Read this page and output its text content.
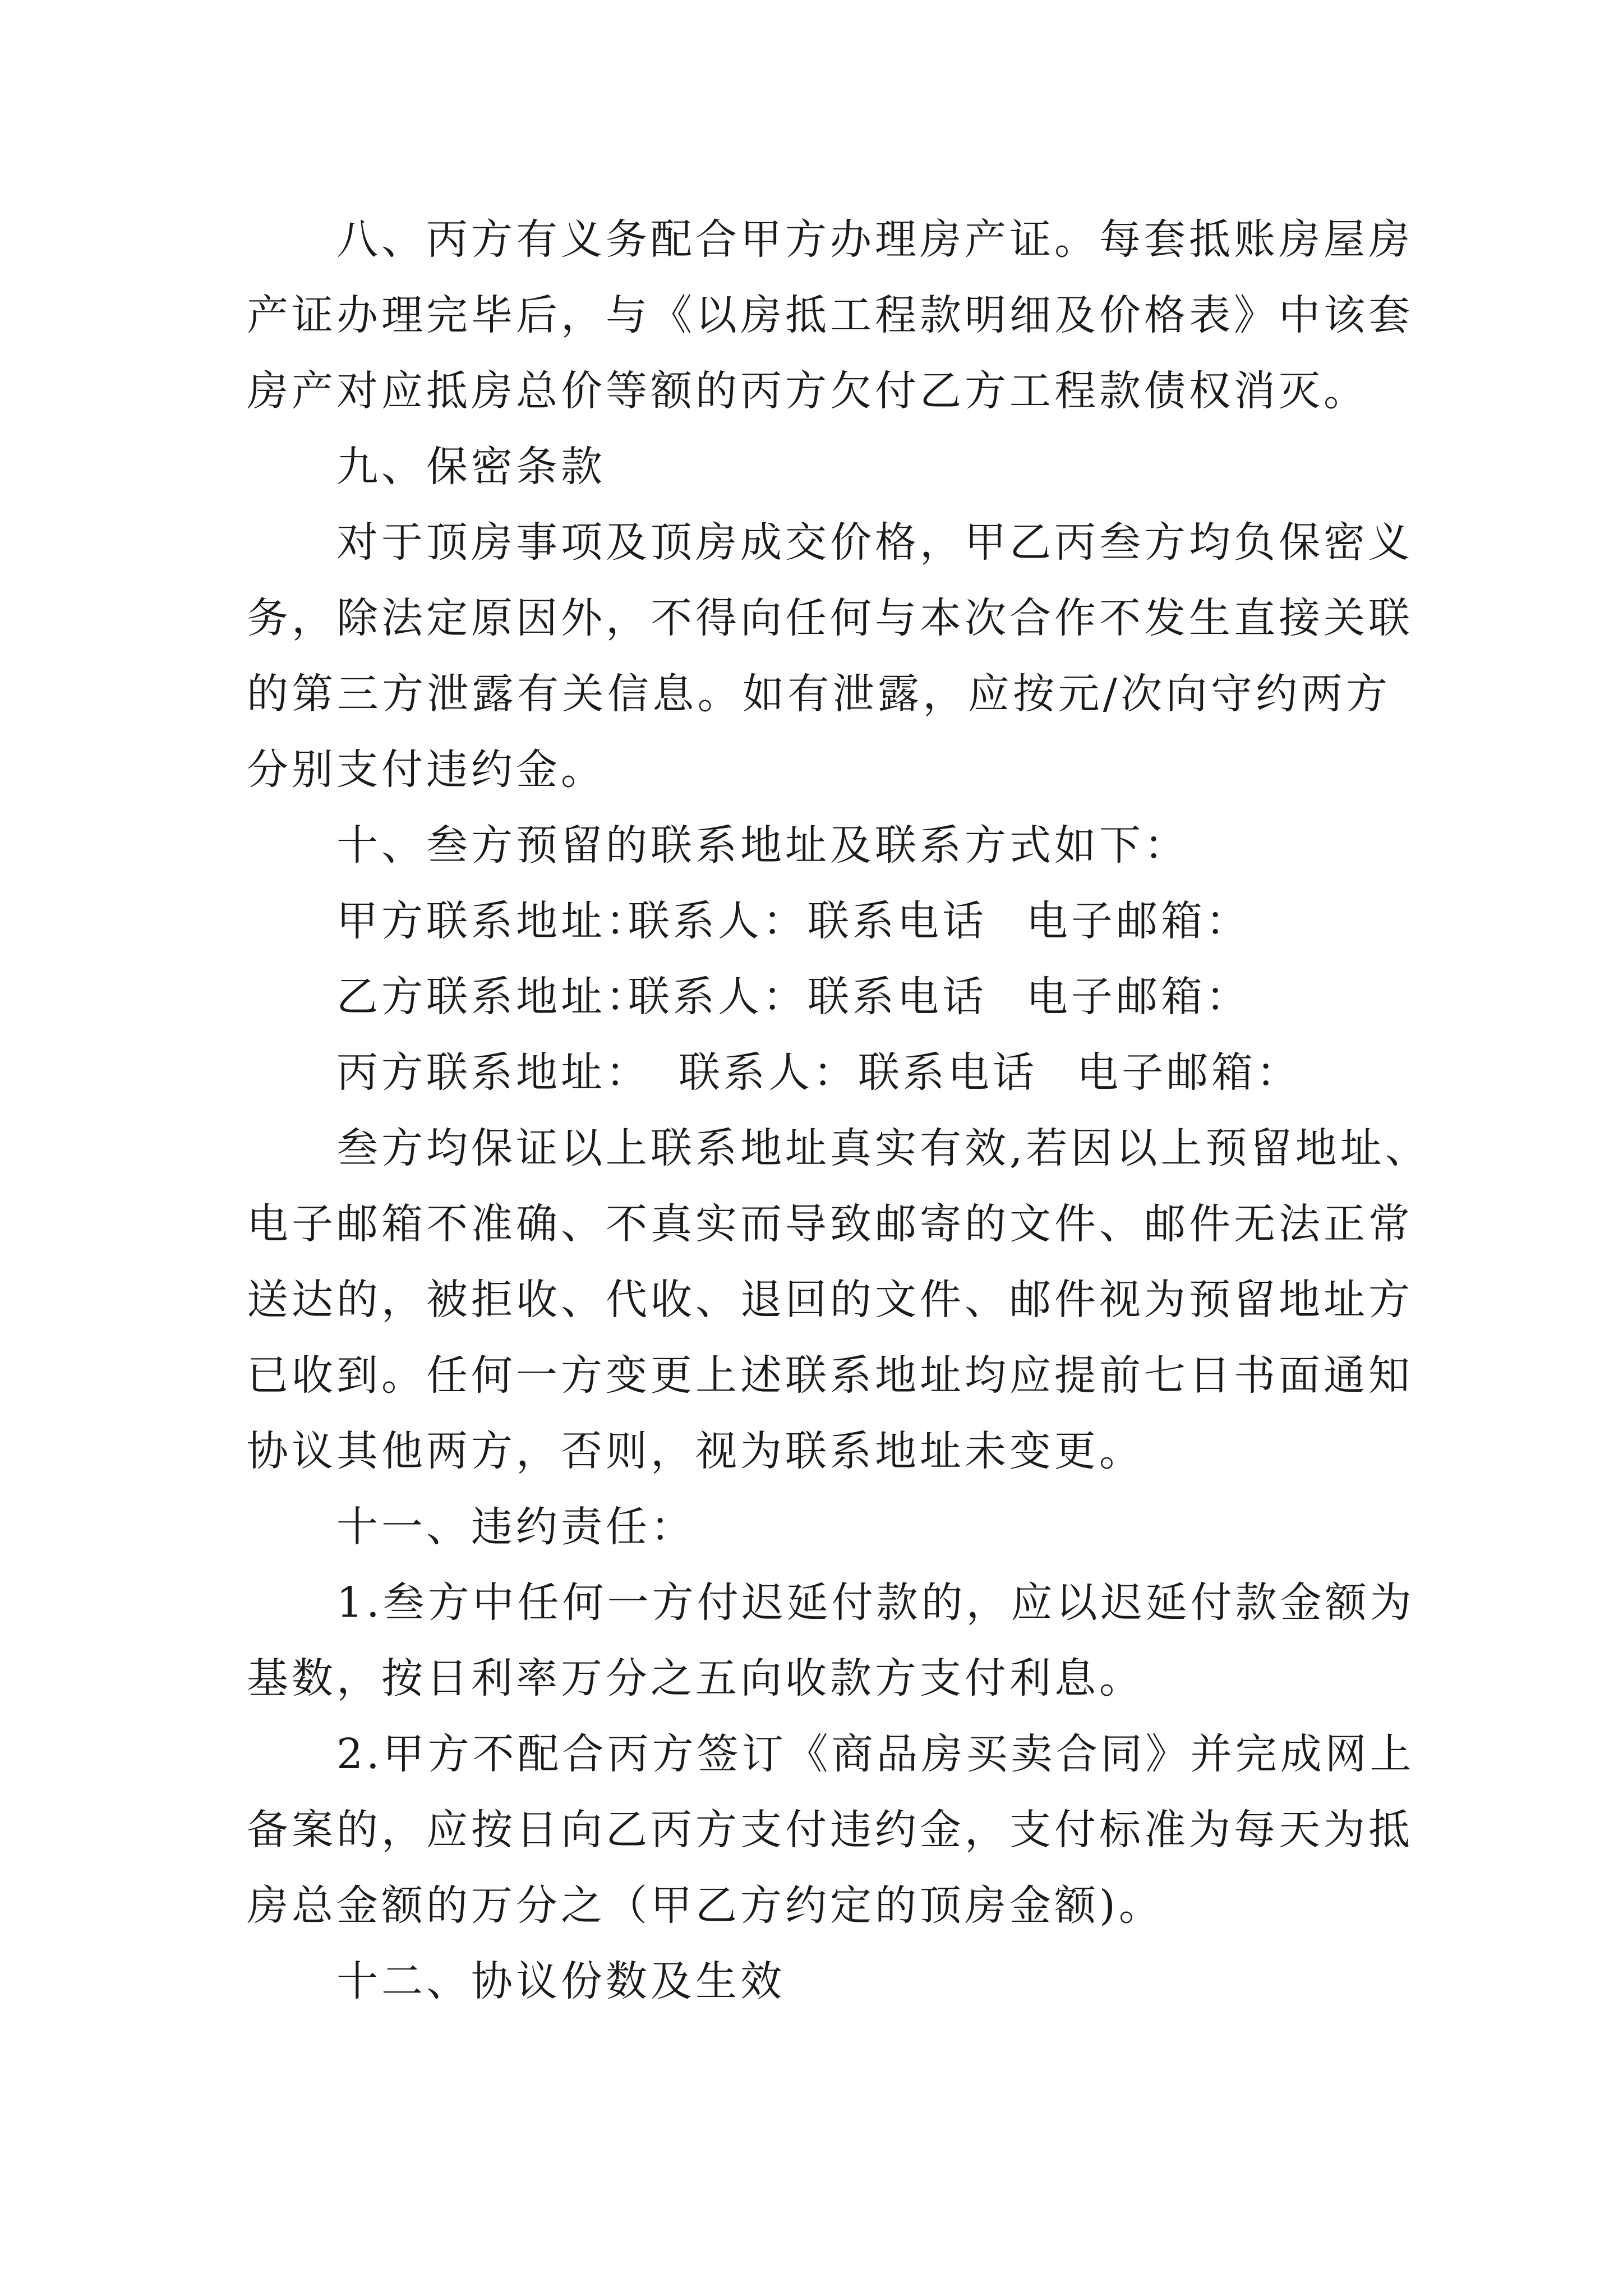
八、丙方有义务配合甲方办理房产证。每套抵账房屋房
产证办理完毕后，与《以房抵工程款明细及价格表》中该套
房产对应抵房总价等额的丙方欠付乙方工程款债权消灭。
九、保密条款
对于顶房事项及顶房成交价格，甲乙丙叁方均负保密义
务，除法定原因外，不得向任何与本次合作不发生直接关联
的第三方泄露有关信息。如有泄露，应按元/次向守约两方
分别支付违约金。
十、叁方预留的联系地址及联系方式如下：
甲方联系地址：
联系人：联系电话 电子邮箱：
乙方联系地址：
联系人：联系电话 电子邮箱：
丙方联系地址： 联系人：联系电话 电子邮箱：
叁方均保证以上联系地址真实有效,若因以上预留地址、
电子邮箱不准确、不真实而导致邮寄的文件、邮件无法正常
送达的，被拒收、代收、退回的文件、邮件视为预留地址方
已收到。任何一方变更上述联系地址均应提前七日书面通知
协议其他两方，否则，视为联系地址未变更。
十一、违约责任：
1.叁方中任何一方付迟延付款的，应以迟延付款金额为
基数，按日利率万分之五向收款方支付利息。
2.甲方不配合丙方签订《商品房买卖合同》并完成网上
备案的，应按日向乙丙方支付违约金，支付标准为每天为抵
房总金额的万分之（甲乙方约定的顶房金额)。
十二、协议份数及生效
